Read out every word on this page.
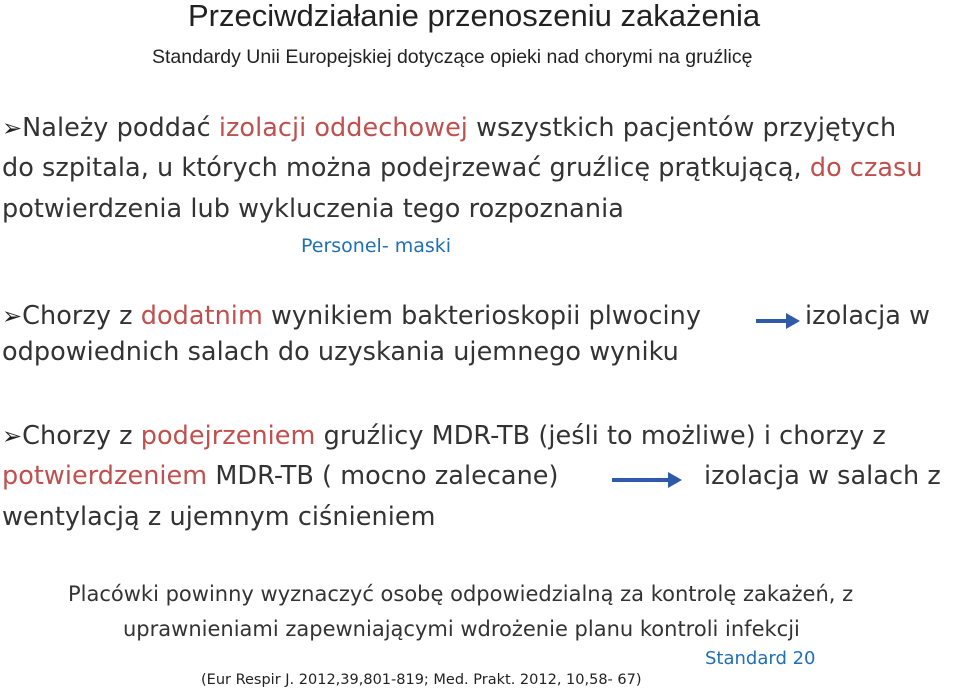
Przeciwdziałanie przenoszeniu zakażenia
Standardy Unii Europejskiej dotyczące opieki nad chorymi na gruźlicę
➢Należy poddać izolacji oddechowej wszystkich pacjentów przyjętych
do szpitala, u których można podejrzewać gruźlicę prątkującą, do czasu
potwierdzenia lub wykluczenia tego rozpoznania
Personel- maski
➢Chorzy z dodatnim wynikiem bakterioskopii plwociny	izolacja w
odpowiednich salach do uzyskania ujemnego wyniku
➢Chorzy z podejrzeniem gruźlicy MDR-TB (jeśli to możliwe) i chorzy z
potwierdzeniem MDR-TB ( mocno zalecane)	izolacja w salach z
wentylacją z ujemnym ciśnieniem
Placówki powinny wyznaczyć osobę odpowiedzialną za kontrolę zakażeń, z
uprawnieniami zapewniającymi wdrożenie planu kontroli infekcji
Standard 20
(Eur Respir J. 2012,39,801-819; Med. Prakt. 2012, 10,58- 67)
